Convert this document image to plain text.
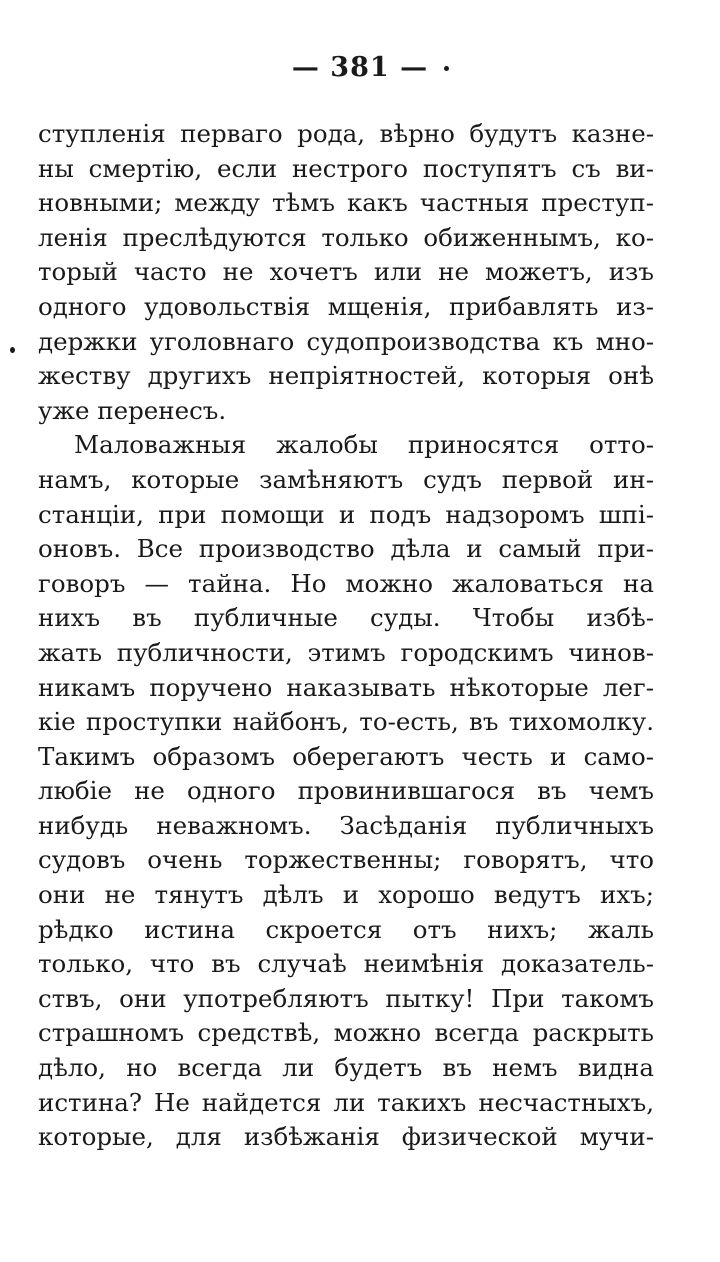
— 381 —
ступленія перваго рода, вѣрно будутъ казне-
ны смертію, если нестрого поступятъ съ ви-
новными; между тѣмъ какъ частныя преступ-
ленія преслѣдуются только обиженнымъ, ко-
торый часто не хочетъ или не можетъ, изъ
одного удовольствія мщенія, прибавлять из-
держки уголовнаго судопроизводства къ мно-
жеству другихъ непріятностей, которыя онѣ
уже перенесъ.
Маловажныя жалобы приносятся отто-
намъ, которые замѣняютъ судъ первой ин-
станціи, при помощи и подъ надзоромъ шпі-
оновъ. Все производство дѣла и самый при-
говоръ — тайна. Но можно жаловаться на
нихъ въ публичные суды. Чтобы избѣ-
жать публичности, этимъ городскимъ чинов-
никамъ поручено наказывать нѣкоторые лег-
кіе проступки найбонъ, то-есть, въ тихомолку.
Такимъ образомъ оберегаютъ честь и само-
любіе не одного провинившагося въ чемъ
нибудь неважномъ. Засѣданія публичныхъ
судовъ очень торжественны; говорятъ, что
они не тянутъ дѣлъ и хорошо ведутъ ихъ;
рѣдко истина скроется отъ нихъ; жаль
только, что въ случаѣ неимѣнія доказатель-
ствъ, они употребляютъ пытку! При такомъ
страшномъ средствѣ, можно всегда раскрыть
дѣло, но всегда ли будетъ въ немъ видна
истина? Не найдется ли такихъ несчастныхъ,
которые, для избѣжанія физической мучи-
